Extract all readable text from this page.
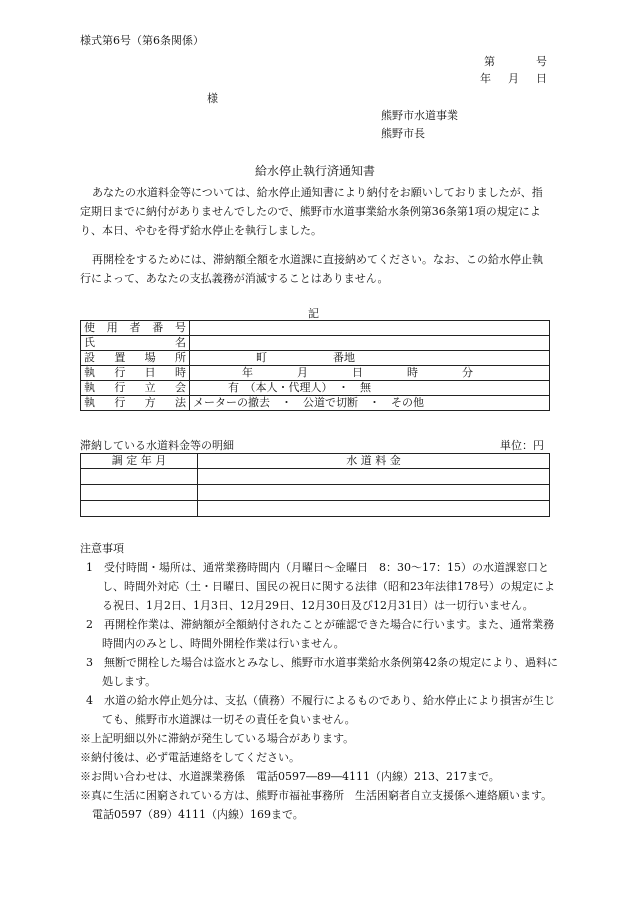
様式第6号（第6条関係）
第　　　号
年　月　日
様
熊野市水道事業
熊野市長
給水停止執行済通知書
あなたの水道料金等については、給水停止通知書により納付をお願いしておりましたが、指定期日までに納付がありませんでしたので、熊野市水道事業給水条例第36条第1項の規定により、本日、やむを得ず給水停止を執行しました。
再開栓をするためには、滞納額全額を水道課に直接納めてください。なお、この給水停止執行によって、あなたの支払義務が消滅することはありません。
記
使用者番号	
氏名	
設置場所	町　　　　　　番地
執行日時	年　　　　月　　　　日　　　　時　　　　分
執行立会	有　（本人・代理人）　・　無
執行方法	メーターの撤去　・　公道で切断　・　その他
滞納している水道料金等の明細	単位：円
調 定 年 月	水 道 料 金

注意事項
1　受付時間・場所は、通常業務時間内（月曜日～金曜日　8：30～17：15）の水道課窓口とし、時間外対応（土・日曜日、国民の祝日に関する法律（昭和23年法律178号）の規定による祝日、1月2日、1月3日、12月29日、12月30日及び12月31日）は一切行いません。
2　再開栓作業は、滞納額が全額納付されたことが確認できた場合に行います。また、通常業務時間内のみとし、時間外開栓作業は行いません。
3　無断で開栓した場合は盗水とみなし、熊野市水道事業給水条例第42条の規定により、過料に処します。
4　水道の給水停止処分は、支払（債務）不履行によるものであり、給水停止により損害が生じても、熊野市水道課は一切その責任を負いません。
※上記明細以外に滞納が発生している場合があります。
※納付後は、必ず電話連絡をしてください。
※お問い合わせは、水道課業務係　電話0597―89―4111（内線）213、217まで。
※真に生活に困窮されている方は、熊野市福祉事務所　生活困窮者自立支援係へ連絡願います。
電話0597（89）4111（内線）169まで。
